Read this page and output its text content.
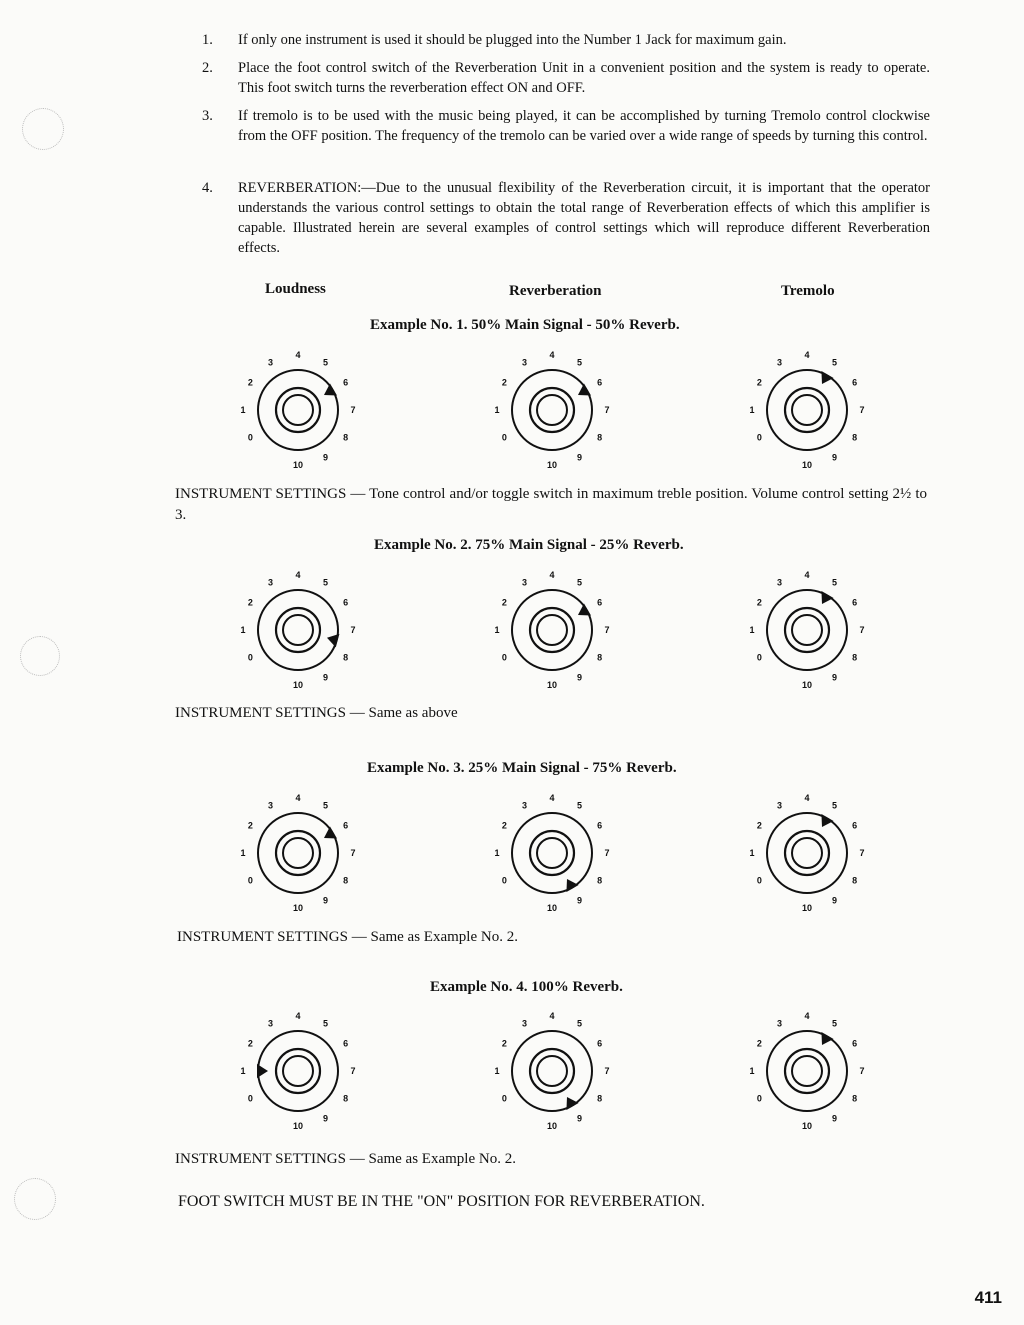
1.	If only one instrument is used it should be plugged into the Number 1 Jack for maximum gain.
2.	Place the foot control switch of the Reverberation Unit in a convenient position and the system is ready to operate. This foot switch turns the reverberation effect ON and OFF.
3.	If tremolo is to be used with the music being played, it can be accomplished by turning Tremolo control clockwise from the OFF position. The frequency of the tremolo can be varied over a wide range of speeds by turning this control.
4.	REVERBERATION:—Due to the unusual flexibility of the Reverberation circuit, it is important that the operator understands the various control settings to obtain the total range of Reverberation effects of which this amplifier is capable. Illustrated herein are several examples of control settings which will reproduce different Reverberation effects.
Loudness	Reverberation	Tremolo
Example No. 1. 50% Main Signal - 50% Reverb.
0
1
2
3
4
5
6
7
8
9
10
0
1
2
3
4
5
6
7
8
9
10
0
1
2
3
4
5
6
7
8
9
10
INSTRUMENT SETTINGS — Tone control and/or toggle switch in maximum treble position. Volume control setting 2½ to 3.
Example No. 2. 75% Main Signal - 25% Reverb.
0
1
2
3
4
5
6
7
8
9
10
0
1
2
3
4
5
6
7
8
9
10
0
1
2
3
4
5
6
7
8
9
10
INSTRUMENT SETTINGS — Same as above
Example No. 3. 25% Main Signal - 75% Reverb.
0
1
2
3
4
5
6
7
8
9
10
0
1
2
3
4
5
6
7
8
9
10
0
1
2
3
4
5
6
7
8
9
10
INSTRUMENT SETTINGS — Same as Example No. 2.
Example No. 4. 100% Reverb.
0
1
2
3
4
5
6
7
8
9
10
0
1
2
3
4
5
6
7
8
9
10
0
1
2
3
4
5
6
7
8
9
10
INSTRUMENT SETTINGS — Same as Example No. 2.
FOOT SWITCH MUST BE IN THE "ON" POSITION FOR REVERBERATION.
411
